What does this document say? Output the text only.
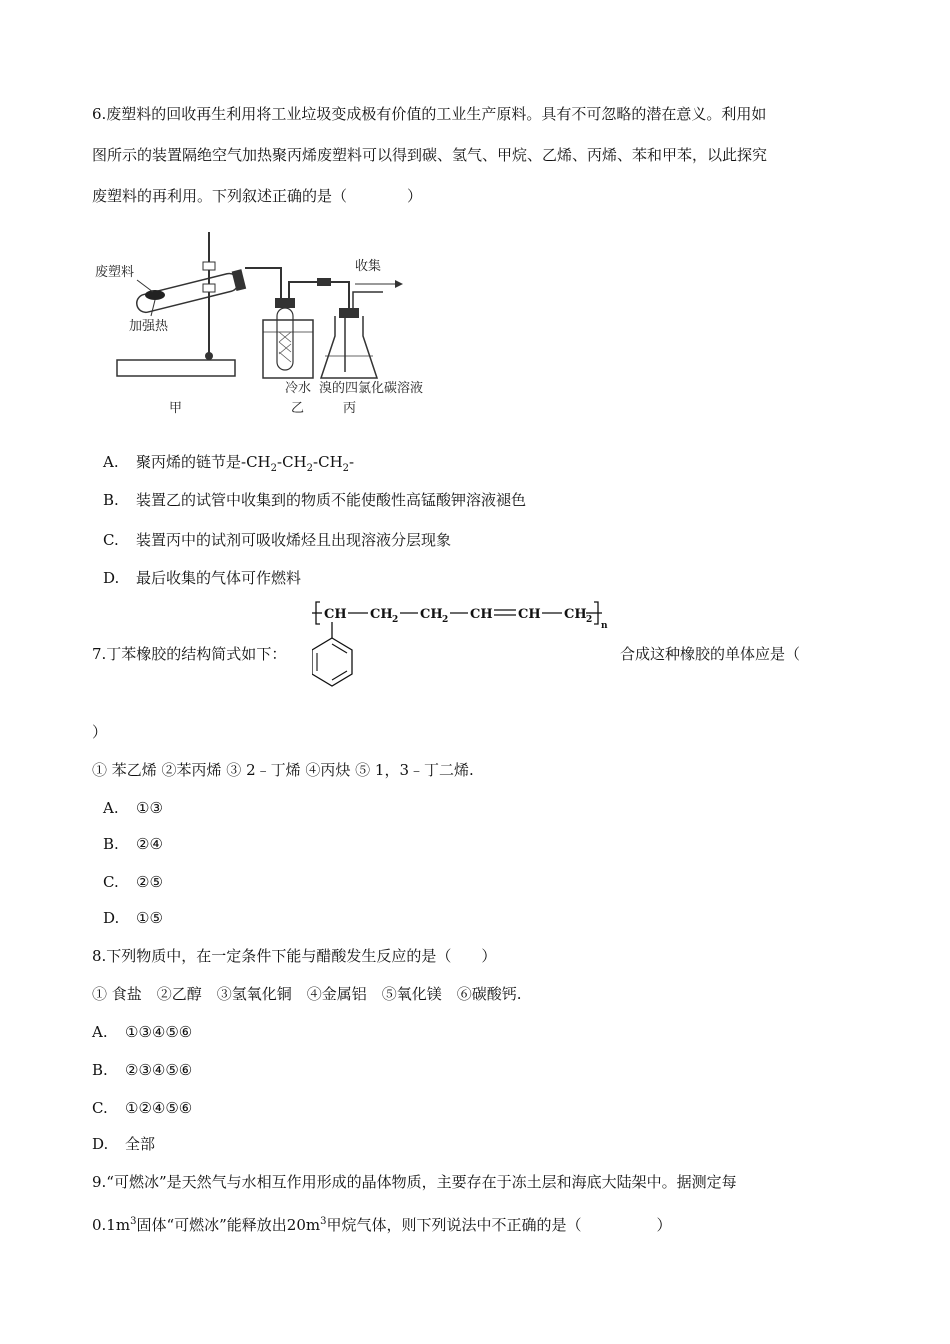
6.废塑料的回收再生利用将工业垃圾变成极有价值的工业生产原料。具有不可忽略的潜在意义。利用如
图所示的装置隔绝空气加热聚丙烯废塑料可以得到碳、氢气、甲烷、乙烯、丙烯、苯和甲苯，以此探究
废塑料的再利用。下列叙述正确的是（　　　　）
废塑料
加强热
收集
冷水 溴的四氯化碳溶液
甲	乙	丙
A. 聚丙烯的链节是$-CH_2-CH_2-CH_2-$
B. 装置乙的试管中收集到的物质不能使酸性高锰酸钾溶液褪色
C. 装置丙中的试剂可吸收烯烃且出现溶液分层现象
D. 最后收集的气体可作燃料
7.丁苯橡胶的结构简式如下：
CH CH 2 CH 2 CH CH CH 2
n
合成这种橡胶的单体应是（
）
① 苯乙烯 ②苯丙烯 ③ 2﹣丁烯 ④丙炔 ⑤ 1，3﹣丁二烯.
A. ①③
B. ②④
C. ②⑤
D. ①⑤
8.下列物质中，在一定条件下能与醋酸发生反应的是（　　）
① 食盐　②乙醇　③氢氧化铜　④金属铝　⑤氧化镁　⑥碳酸钙.
A. ①③④⑤⑥
B. ②③④⑤⑥
C. ①②④⑤⑥
D. 全部
9.“可燃冰”是天然气与水相互作用形成的晶体物质，主要存在于冻土层和海底大陆架中。据测定每
$0.1m^3$固体“可燃冰”能释放出$20m^3$甲烷气体，则下列说法中不正确的是（　　　　　）
